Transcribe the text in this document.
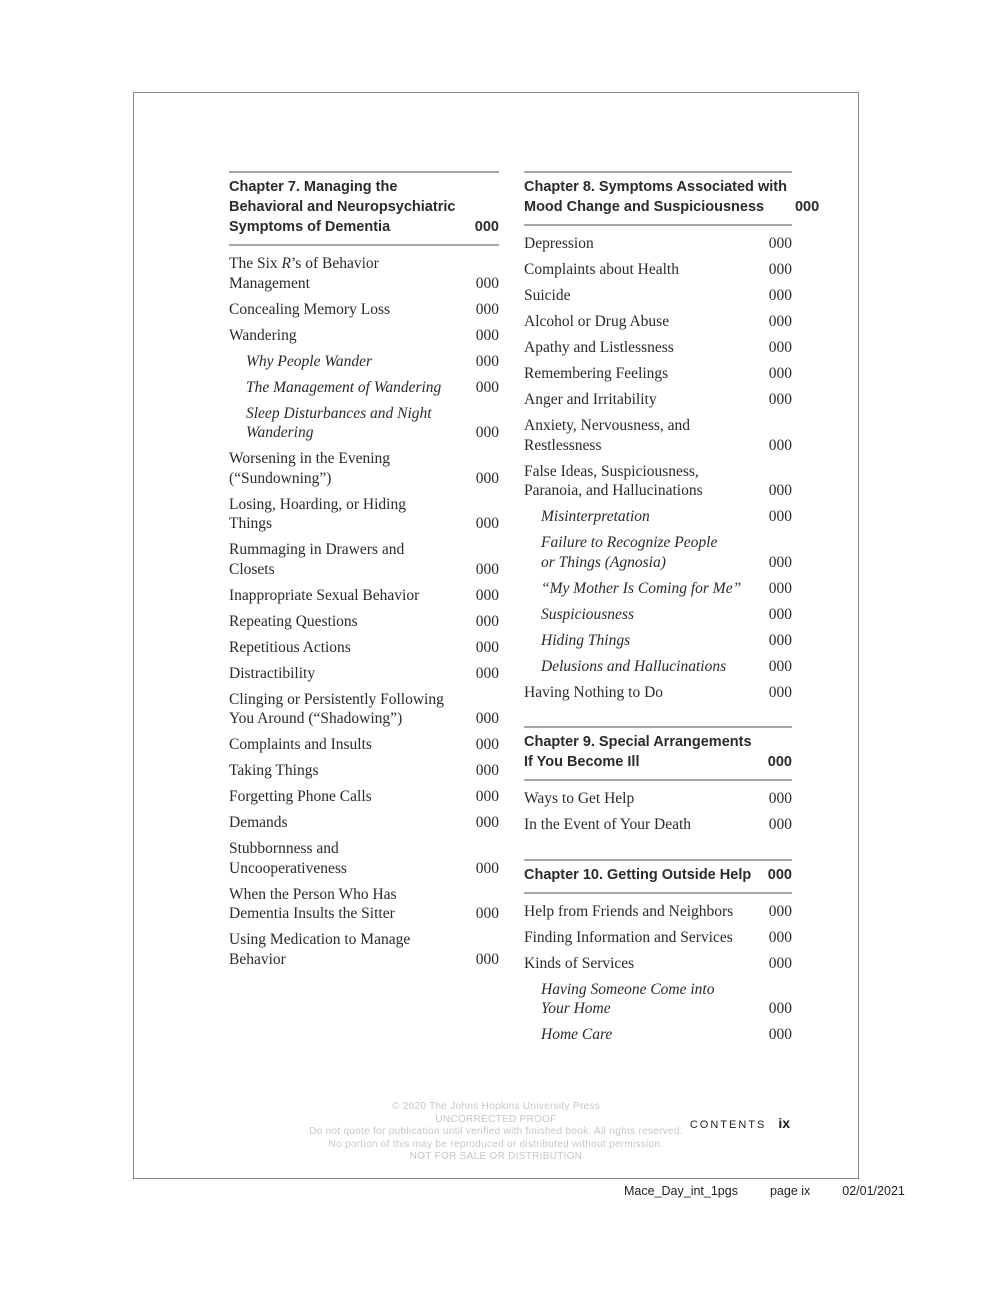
Chapter 7. Managing the
Behavioral and Neuropsychiatric
Symptoms of Dementia	000
The Six R’s of Behavior
Management	000
Concealing Memory Loss	000
Wandering	000
Why People Wander	000
The Management of Wandering	000
Sleep Disturbances and Night
Wandering	000
Worsening in the Evening
(“Sundowning”)	000
Losing, Hoarding, or Hiding
Things	000
Rummaging in Drawers and
Closets	000
Inappropriate Sexual Behavior	000
Repeating Questions	000
Repetitious Actions	000
Distractibility	000
Clinging or Persistently Following
You Around (“Shadowing”)	000
Complaints and Insults	000
Taking Things	000
Forgetting Phone Calls	000
Demands	000
Stubbornness and
Uncooperativeness	000
When the Person Who Has
Dementia Insults the Sitter	000
Using Medication to Manage
Behavior	000
Chapter 8. Symptoms Associated with
Mood Change and Suspiciousness	000
Depression	000
Complaints about Health	000
Suicide	000
Alcohol or Drug Abuse	000
Apathy and Listlessness	000
Remembering Feelings	000
Anger and Irritability	000
Anxiety, Nervousness, and
Restlessness	000
False Ideas, Suspiciousness,
Paranoia, and Hallucinations	000
Misinterpretation	000
Failure to Recognize People
or Things (Agnosia)	000
“My Mother Is Coming for Me”	000
Suspiciousness	000
Hiding Things	000
Delusions and Hallucinations	000
Having Nothing to Do	000
Chapter 9. Special Arrangements
If You Become Ill	000
Ways to Get Help	000
In the Event of Your Death	000
Chapter 10. Getting Outside Help	000
Help from Friends and Neighbors	000
Finding Information and Services	000
Kinds of Services	000
Having Someone Come into
Your Home	000
Home Care	000
© 2020 The Johns Hopkins University Press
UNCORRECTED PROOF
Do not quote for publication until verified with finished book. All rights reserved.
No portion of this may be reproduced or distributed without permission.
NOT FOR SALE OR DISTRIBUTION
CONTENTS ix
Mace_Day_int_1pgs	page ix	02/01/2021
